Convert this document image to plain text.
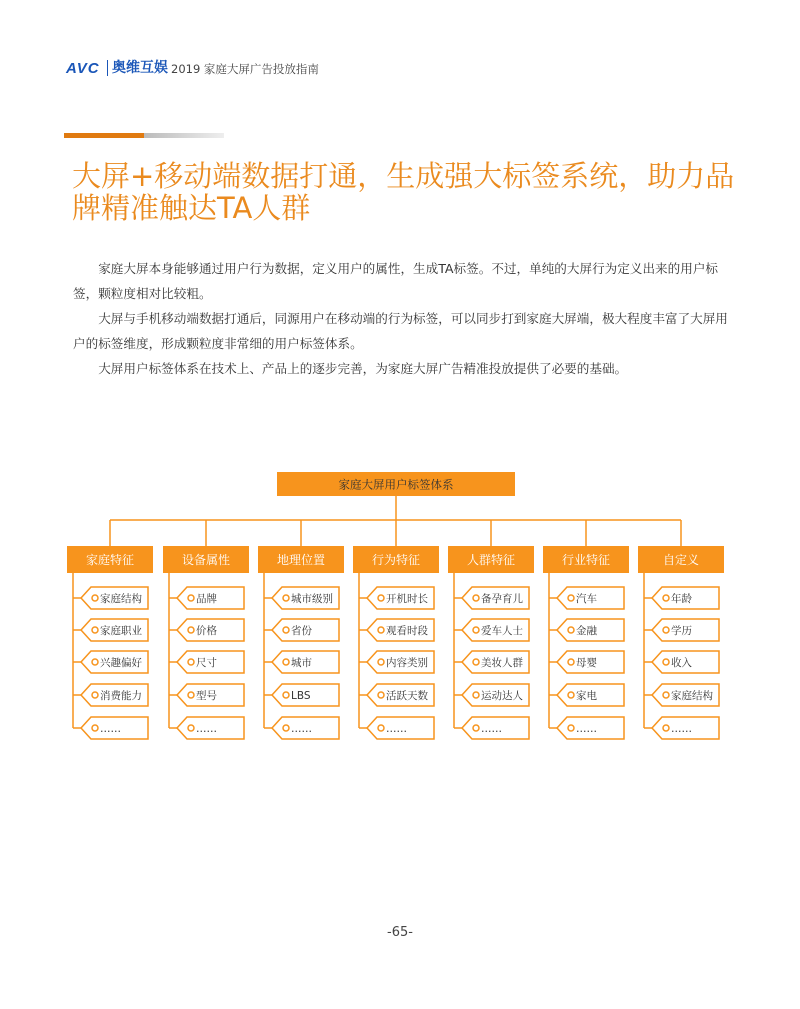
AVC 奥维互娱 2019 家庭大屏广告投放指南
大屏+移动端数据打通，生成强大标签系统，助力品牌精准触达TA人群

家庭大屏本身能够通过用户行为数据，定义用户的属性，生成TA标签。不过，单纯的大屏行为定义出来的用户标签，颗粒度相对比较粗。

大屏与手机移动端数据打通后，同源用户在移动端的行为标签，可以同步打到家庭大屏端，极大程度丰富了大屏用户的标签维度，形成颗粒度非常细的用户标签体系。

大屏用户标签体系在技术上、产品上的逐步完善，为家庭大屏广告精准投放提供了必要的基础。

家庭大屏用户标签体系
家庭特征
家庭结构
家庭职业
兴趣偏好
消费能力
……
设备属性
品牌
价格
尺寸
型号
……
地理位置
城市级别
省份
城市
LBS
……
行为特征
开机时长
观看时段
内容类别
活跃天数
……
人群特征
备孕育儿
爱车人士
美妆人群
运动达人
……
行业特征
汽车
金融
母婴
家电
……
自定义
年龄
学历
收入
家庭结构
……
-65-
